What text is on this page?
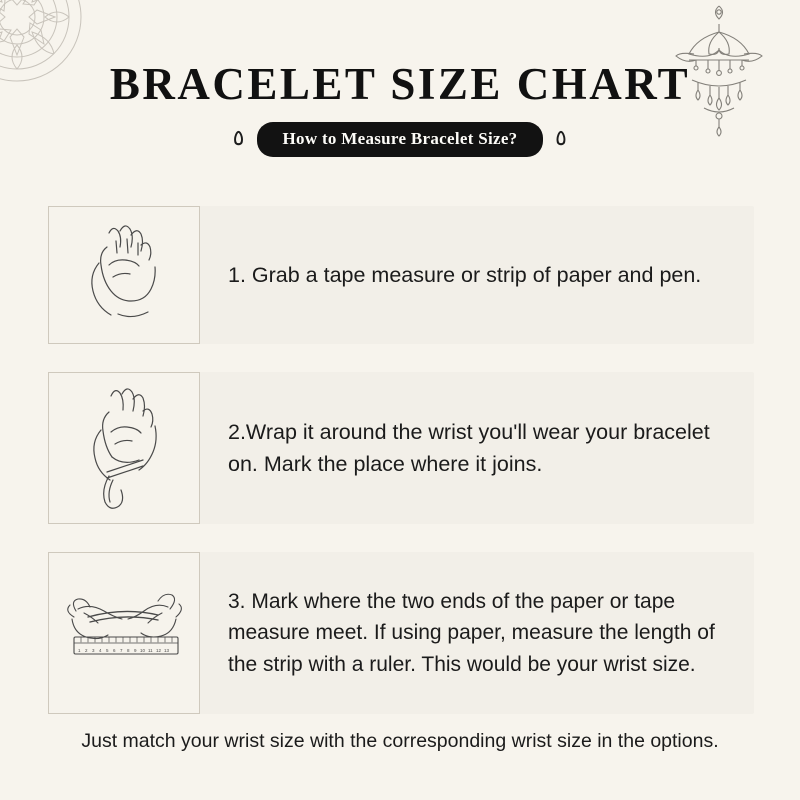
BRACELET SIZE CHART
٥	How to Measure Bracelet Size?	٥
1. Grab a tape measure or strip of paper and pen.
2.Wrap it around the wrist you'll wear your bracelet on. Mark the place where it joins.
1 2 3 4 5 6 7 8 9 10 11 12 13
3. Mark where the two ends of the paper or tape measure meet. If using paper, measure the length of the strip with a ruler. This would be your wrist size.
Just match your wrist size with the corresponding wrist size in the options.
